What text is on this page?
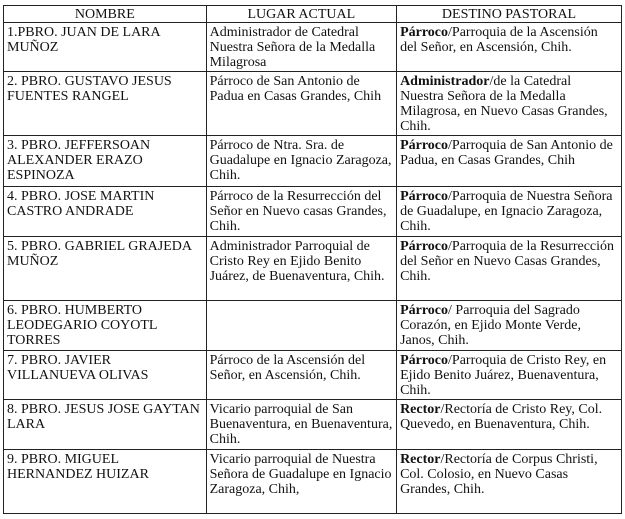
NOMBRE	LUGAR ACTUAL	DESTINO PASTORAL
1.PBRO. JUAN DE LARA MUÑOZ	Administrador de Catedral Nuestra Señora de la Medalla Milagrosa	Párroco/Parroquia de la Ascensión del Señor, en Ascensión, Chih.
2. PBRO. GUSTAVO JESUS FUENTES RANGEL	Párroco de San Antonio de Padua en Casas Grandes, Chih	Administrador/de la Catedral Nuestra Señora de la Medalla Milagrosa, en Nuevo Casas Grandes, Chih.
3. PBRO. JEFFERSOAN ALEXANDER ERAZO ESPINOZA	Párroco de Ntra. Sra. de Guadalupe en Ignacio Zaragoza, Chih.	Párroco/Parroquia de San Antonio de Padua, en Casas Grandes, Chih
4. PBRO. JOSE MARTIN CASTRO ANDRADE	Párroco de la Resurrección del Señor en Nuevo casas Grandes, Chih.	Párroco/Parroquia de Nuestra Señora de Guadalupe, en Ignacio Zaragoza, Chih.
5. PBRO. GABRIEL GRAJEDA MUÑOZ	Administrador Parroquial de Cristo Rey en Ejido Benito Juárez, de Buenaventura, Chih.	Párroco/Parroquia de la Resurrección del Señor en Nuevo Casas Grandes, Chih.
6. PBRO. HUMBERTO LEODEGARIO COYOTL TORRES		Párroco/ Parroquia del Sagrado Corazón, en Ejido Monte Verde, Janos, Chih.
7. PBRO. JAVIER VILLANUEVA OLIVAS	Párroco de la Ascensión del Señor, en Ascensión, Chih.	Párroco/Parroquia de Cristo Rey, en Ejido Benito Juárez, Buenaventura, Chih.
8. PBRO. JESUS JOSE GAYTAN LARA	Vicario parroquial de San Buenaventura, en Buenaventura, Chih.	Rector/Rectoría de Cristo Rey, Col. Quevedo, en Buenaventura, Chih.
9. PBRO. MIGUEL HERNANDEZ HUIZAR	Vicario parroquial de Nuestra Señora de Guadalupe en Ignacio Zaragoza, Chih,	Rector/Rectoría de Corpus Christi, Col. Colosio, en Nuevo Casas Grandes, Chih.
